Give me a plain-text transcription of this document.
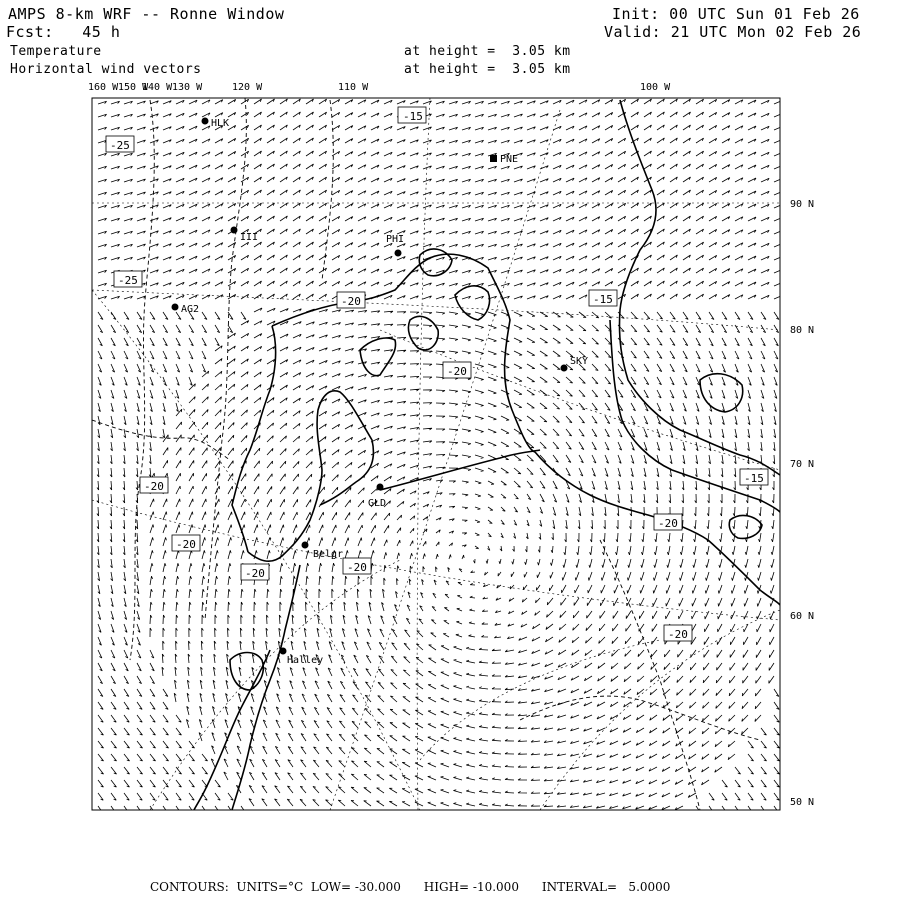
AMPS 8-km WRF -- Ronne Window
Fcst:   45 h
Init: 00 UTC Sun 01 Feb 26
Valid: 21 UTC Mon 02 Feb 26
Temperature
Horizontal wind vectors
at height =  3.05 km
at height =  3.05 km
HLK
PNE
III	PHI
AG2
SKY
GLD
Belgr
Halley
-15
-25
-25
-20	-15
-20
-20
-15
-20
-20
-20
-20
-20
160 W 150 W
140 W 130 W	120 W	110 W	100 W
90 N
80 N
70 N
60 N
50 N
CONTOURS:  UNITS=°C  LOW= -30.000      HIGH= -10.000      INTERVAL=   5.0000
